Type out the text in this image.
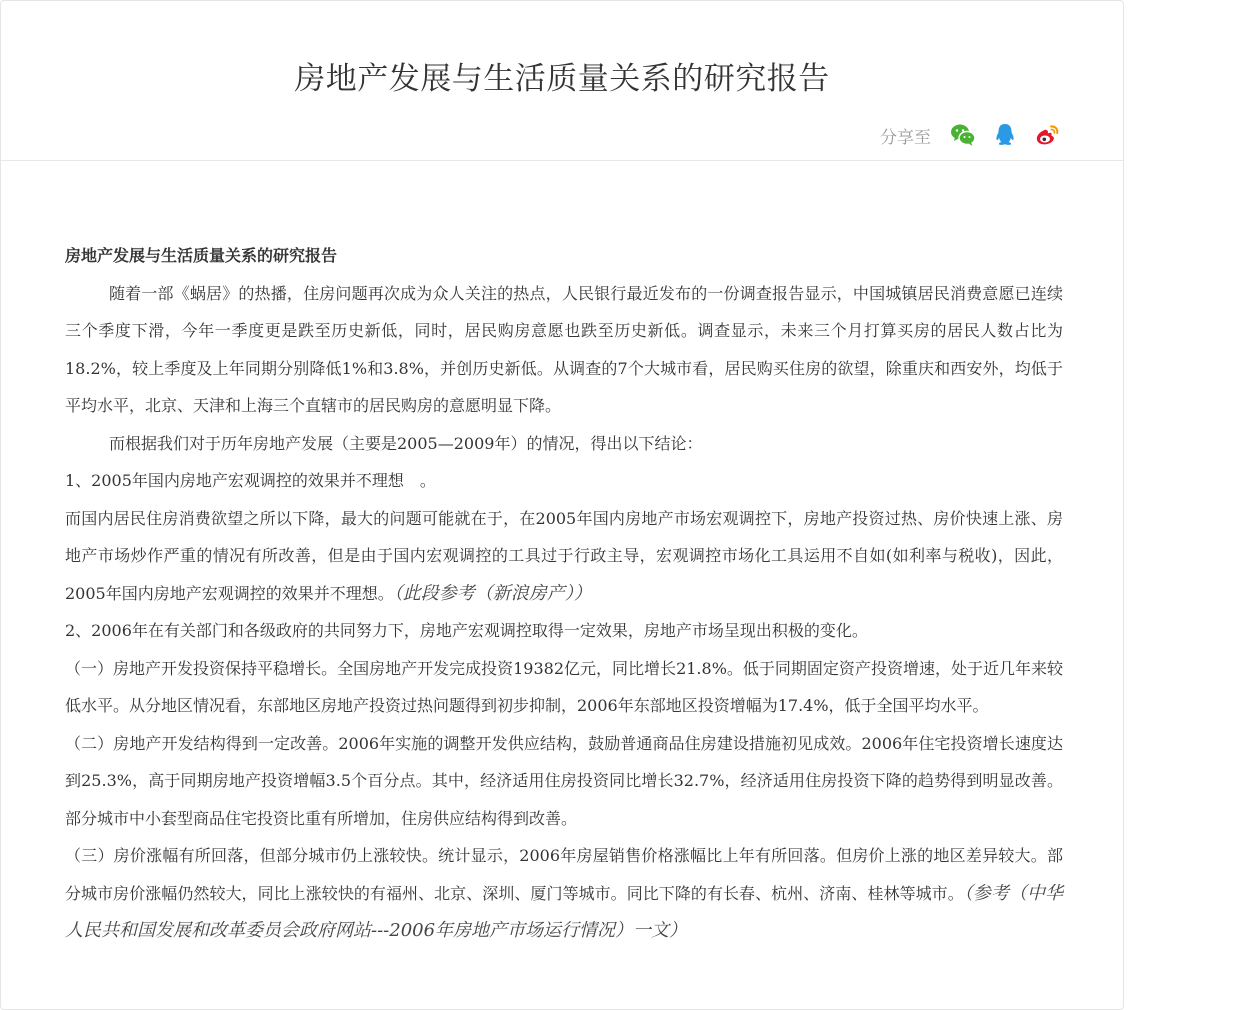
房地产发展与生活质量关系的研究报告
分享至

房地产发展与生活质量关系的研究报告

随着一部《蜗居》的热播，住房问题再次成为众人关注的热点，人民银行最近发布的一份调查报告显示，中国城镇居民消费意愿已连续三个季度下滑，今年一季度更是跌至历史新低，同时，居民购房意愿也跌至历史新低。调查显示，未来三个月打算买房的居民人数占比为18.2%，较上季度及上年同期分别降低1%和3.8%，并创历史新低。从调查的7个大城市看，居民购买住房的欲望，除重庆和西安外，均低于平均水平，北京、天津和上海三个直辖市的居民购房的意愿明显下降。

而根据我们对于历年房地产发展（主要是2005—2009年）的情况，得出以下结论：

1、2005年国内房地产宏观调控的效果并不理想　。

而国内居民住房消费欲望之所以下降，最大的问题可能就在于，在2005年国内房地产市场宏观调控下，房地产投资过热、房价快速上涨、房地产市场炒作严重的情况有所改善，但是由于国内宏观调控的工具过于行政主导，宏观调控市场化工具运用不自如(如利率与税收)，因此，2005年国内房地产宏观调控的效果并不理想。（此段参考（新浪房产））

2、2006年在有关部门和各级政府的共同努力下，房地产宏观调控取得一定效果，房地产市场呈现出积极的变化。

（一）房地产开发投资保持平稳增长。全国房地产开发完成投资19382亿元，同比增长21.8%。低于同期固定资产投资增速，处于近几年来较低水平。从分地区情况看，东部地区房地产投资过热问题得到初步抑制，2006年东部地区投资增幅为17.4%，低于全国平均水平。

（二）房地产开发结构得到一定改善。2006年实施的调整开发供应结构，鼓励普通商品住房建设措施初见成效。2006年住宅投资增长速度达到25.3%，高于同期房地产投资增幅3.5个百分点。其中，经济适用住房投资同比增长32.7%，经济适用住房投资下降的趋势得到明显改善。部分城市中小套型商品住宅投资比重有所增加，住房供应结构得到改善。

（三）房价涨幅有所回落，但部分城市仍上涨较快。统计显示，2006年房屋销售价格涨幅比上年有所回落。但房价上涨的地区差异较大。部分城市房价涨幅仍然较大，同比上涨较快的有福州、北京、深圳、厦门等城市。同比下降的有长春、杭州、济南、桂林等城市。（参考（中华人民共和国发展和改革委员会政府网站---2006年房地产市场运行情况）一文）
